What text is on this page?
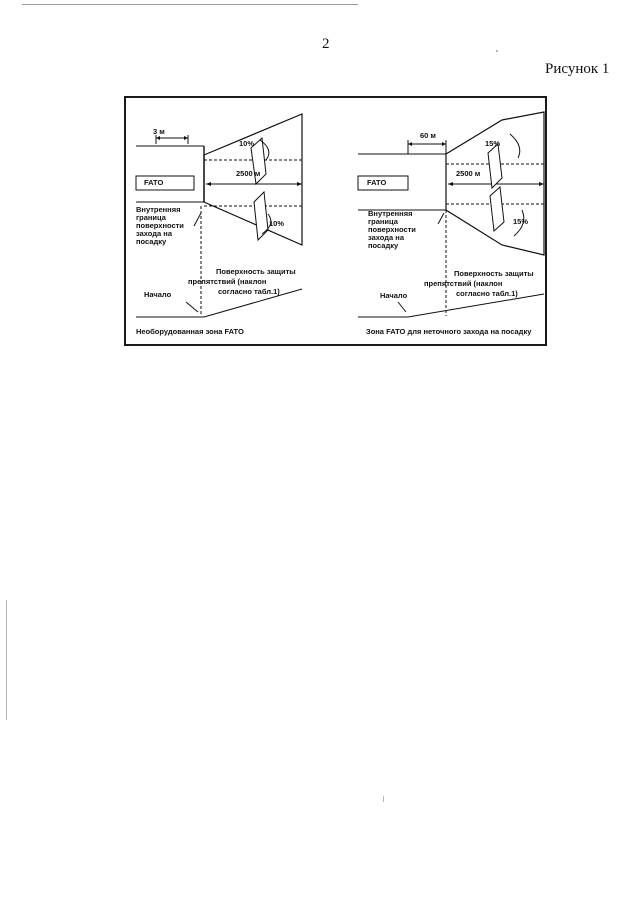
2
Рисунок 1
3 м
FATO
10%
10%
2500 м
Внутренняя
граница
поверхности
захода на
посадку
Поверхность защиты
препятствий (наклон
согласно табл.1)
Начало
Необорудованная зона FATO
60 м
FATO
15%
15%
2500 м
Внутренняя
граница
поверхности
захода на
посадку
Поверхность защиты
препятствий (наклон
согласно табл.1)
Начало
Зона FATO для неточного захода на посадку
